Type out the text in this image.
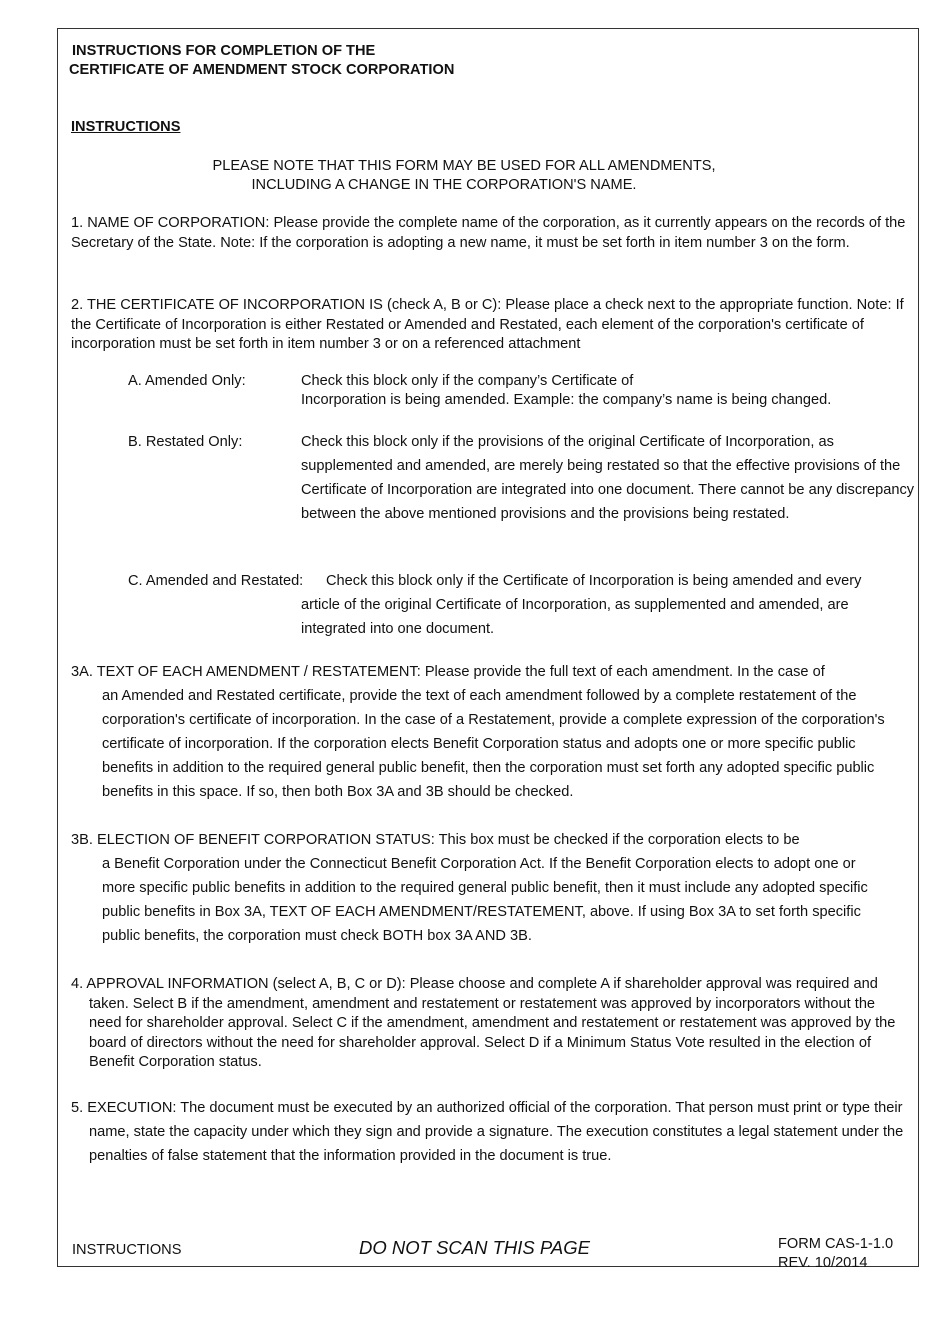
INSTRUCTIONS FOR COMPLETION OF THE
CERTIFICATE OF AMENDMENT STOCK CORPORATION
INSTRUCTIONS
PLEASE NOTE THAT THIS FORM MAY BE USED FOR ALL AMENDMENTS,
INCLUDING A CHANGE IN THE CORPORATION'S NAME.
1. NAME OF CORPORATION: Please provide the complete name of the corporation, as it currently appears on the records of the Secretary of the State. Note: If the corporation is adopting a new name, it must be set forth in item number 3 on the form.
2. THE CERTIFICATE OF INCORPORATION IS (check A, B or C): Please place a check next to the appropriate function. Note: If the Certificate of Incorporation is either Restated or Amended and Restated, each element of the corporation's certificate of incorporation must be set forth in item number 3 or on a referenced attachment
A. Amended Only:	Check this block only if the company’s Certificate of
Incorporation is being amended. Example: the company’s name is being changed.
B. Restated Only:	Check this block only if the provisions of the original Certificate of Incorporation, as supplemented and amended, are merely being restated so that the effective provisions of the Certificate of Incorporation are integrated into one document. There cannot be any discrepancy between the above mentioned provisions and the provisions being restated.
C. Amended and Restated: Check this block only if the Certificate of Incorporation is being amended and every
article of the original Certificate of Incorporation, as supplemented and amended, are integrated into one document.
3A. TEXT OF EACH AMENDMENT / RESTATEMENT: Please provide the full text of each amendment. In the case of
an Amended and Restated certificate, provide the text of each amendment followed by a complete restatement of the corporation's certificate of incorporation. In the case of a Restatement, provide a complete expression of the corporation's certificate of incorporation. If the corporation elects Benefit Corporation status and adopts one or more specific public benefits in addition to the required general public benefit, then the corporation must set forth any adopted specific public benefits in this space. If so, then both Box 3A and 3B should be checked.
3B. ELECTION OF BENEFIT CORPORATION STATUS: This box must be checked if the corporation elects to be
a Benefit Corporation under the Connecticut Benefit Corporation Act. If the Benefit Corporation elects to adopt one or more specific public benefits in addition to the required general public benefit, then it must include any adopted specific public benefits in Box 3A, TEXT OF EACH AMENDMENT/RESTATEMENT, above. If using Box 3A to set forth specific public benefits, the corporation must check BOTH box 3A AND 3B.
4. APPROVAL INFORMATION (select A, B, C or D): Please choose and complete A if shareholder approval was required and taken. Select B if the amendment, amendment and restatement or restatement was approved by incorporators without the need for shareholder approval. Select C if the amendment, amendment and restatement or restatement was approved by the board of directors without the need for shareholder approval. Select D if a Minimum Status Vote resulted in the election of Benefit Corporation status.
5. EXECUTION: The document must be executed by an authorized official of the corporation. That person must print or type their name, state the capacity under which they sign and provide a signature. The execution constitutes a legal statement under the penalties of false statement that the information provided in the document is true.
INSTRUCTIONS	DO NOT SCAN THIS PAGE	FORM CAS-1-1.0
REV. 10/2014
